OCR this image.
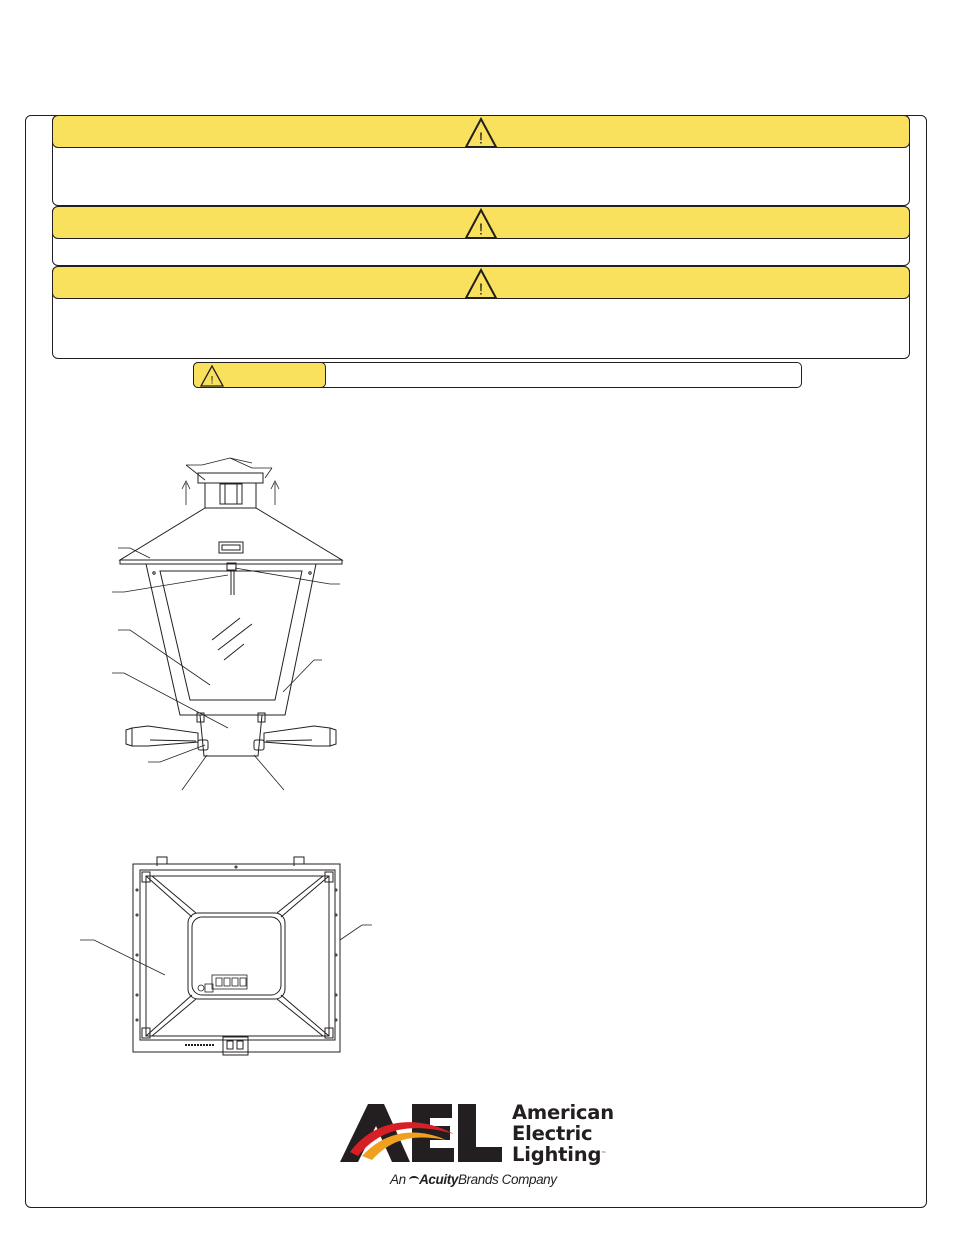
!
!
!
!
American
Electric
Lighting™
An AcuityBrands Company
